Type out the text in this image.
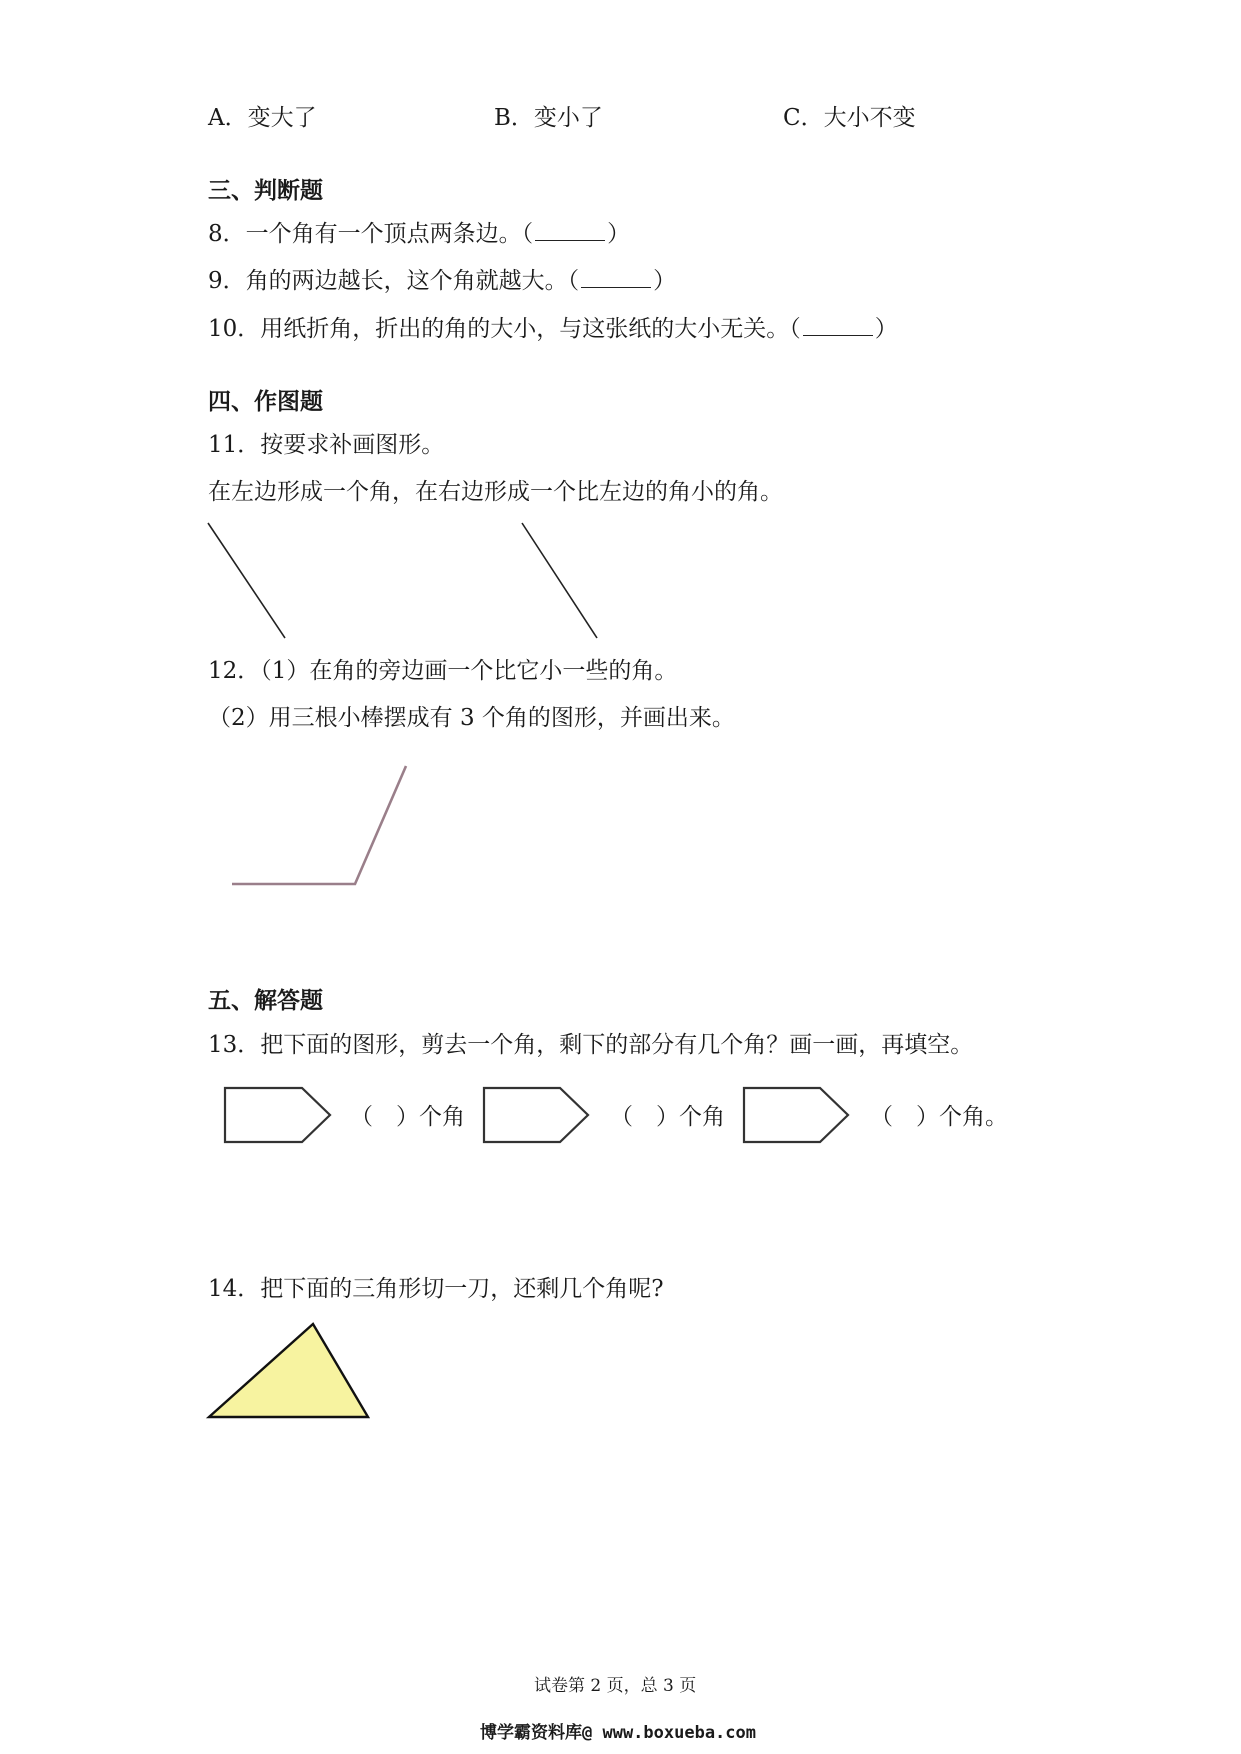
A．变大了	B．变小了	C．大小不变
三、判断题
8．一个角有一个顶点两条边。（	）
9．角的两边越长，这个角就越大。（	）
10．用纸折角，折出的角的大小，与这张纸的大小无关。（	）
四、作图题
11．按要求补画图形。
在左边形成一个角，在右边形成一个比左边的角小的角。
12．（1）在角的旁边画一个比它小一些的角。
（2）用三根小棒摆成有 3 个角的图形，并画出来。
五、解答题
13．把下面的图形，剪去一个角，剩下的部分有几个角？画一画，再填空。
（　）个角	（　）个角	（　）个角。
14．把下面的三角形切一刀，还剩几个角呢?
试卷第 2 页，总 3 页
博学霸资料库@ www.boxueba.com
